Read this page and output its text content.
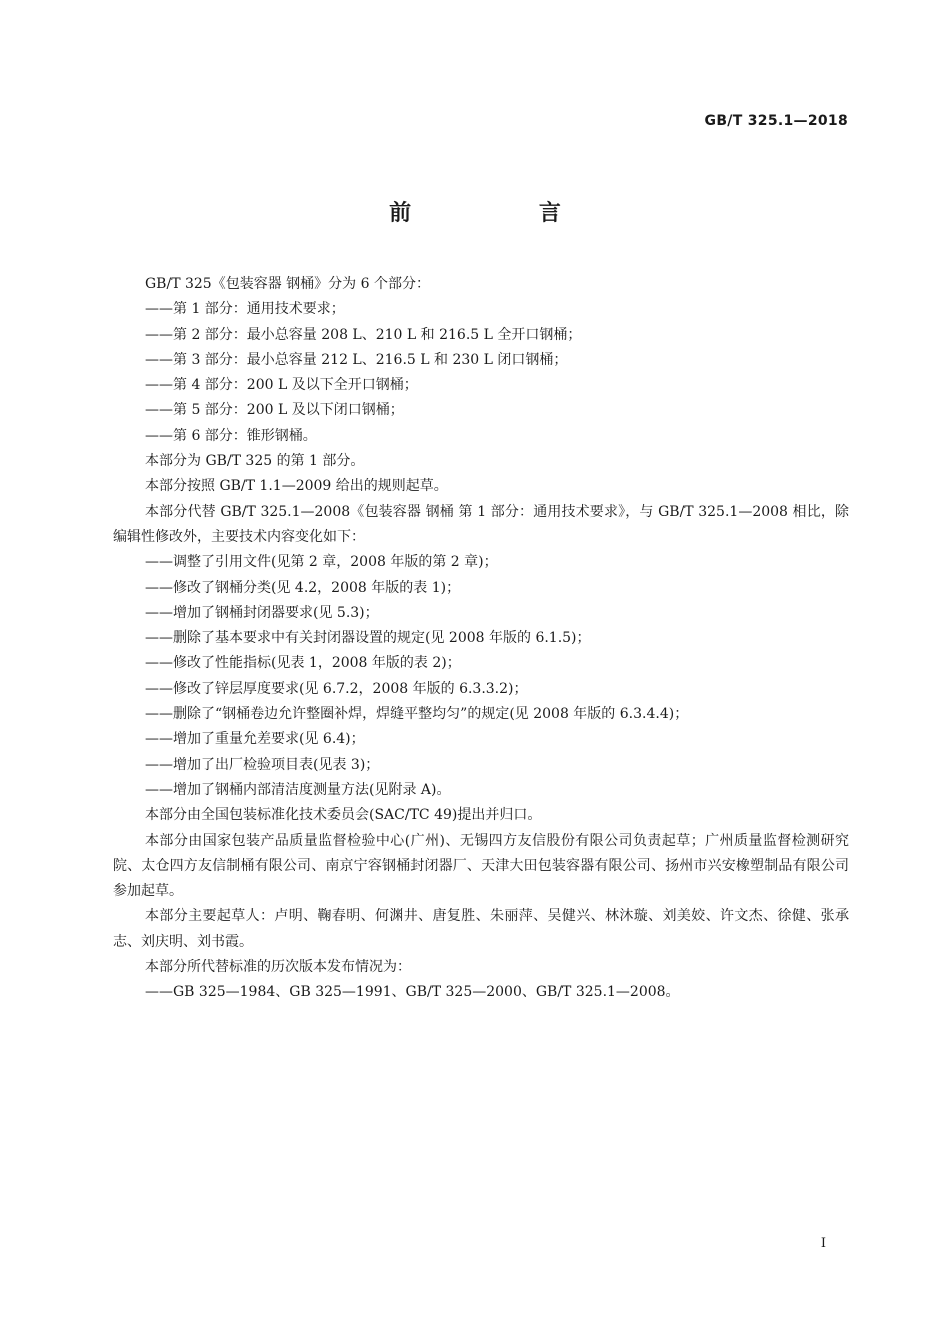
GB/T 325.1—2018
前 言

GB/T 325《包装容器 钢桶》分为 6 个部分：

——第 1 部分：通用技术要求；

——第 2 部分：最小总容量 208 L、210 L 和 216.5 L 全开口钢桶；

——第 3 部分：最小总容量 212 L、216.5 L 和 230 L 闭口钢桶；

——第 4 部分：200 L 及以下全开口钢桶；

——第 5 部分：200 L 及以下闭口钢桶；

——第 6 部分：锥形钢桶。

本部分为 GB/T 325 的第 1 部分。

本部分按照 GB/T 1.1—2009 给出的规则起草。

本部分代替 GB/T 325.1—2008《包装容器 钢桶 第 1 部分：通用技术要求》，与 GB/T 325.1—2008 相比，除编辑性修改外，主要技术内容变化如下：

——调整了引用文件(见第 2 章，2008 年版的第 2 章)；

——修改了钢桶分类(见 4.2，2008 年版的表 1)；

——增加了钢桶封闭器要求(见 5.3)；

——删除了基本要求中有关封闭器设置的规定(见 2008 年版的 6.1.5)；

——修改了性能指标(见表 1，2008 年版的表 2)；

——修改了锌层厚度要求(见 6.7.2，2008 年版的 6.3.3.2)；

——删除了“钢桶卷边允许整圈补焊，焊缝平整均匀”的规定(见 2008 年版的 6.3.4.4)；

——增加了重量允差要求(见 6.4)；

——增加了出厂检验项目表(见表 3)；

——增加了钢桶内部清洁度测量方法(见附录 A)。

本部分由全国包装标准化技术委员会(SAC/TC 49)提出并归口。

本部分由国家包装产品质量监督检验中心(广州)、无锡四方友信股份有限公司负责起草；广州质量监督检测研究院、太仓四方友信制桶有限公司、南京宁容钢桶封闭器厂、天津大田包装容器有限公司、扬州市兴安橡塑制品有限公司参加起草。

本部分主要起草人：卢明、鞠春明、何渊井、唐复胜、朱丽萍、吴健兴、林沐璇、刘美姣、许文杰、徐健、张承志、刘庆明、刘书霞。

本部分所代替标准的历次版本发布情况为：

——GB 325—1984、GB 325—1991、GB/T 325—2000、GB/T 325.1—2008。

I
